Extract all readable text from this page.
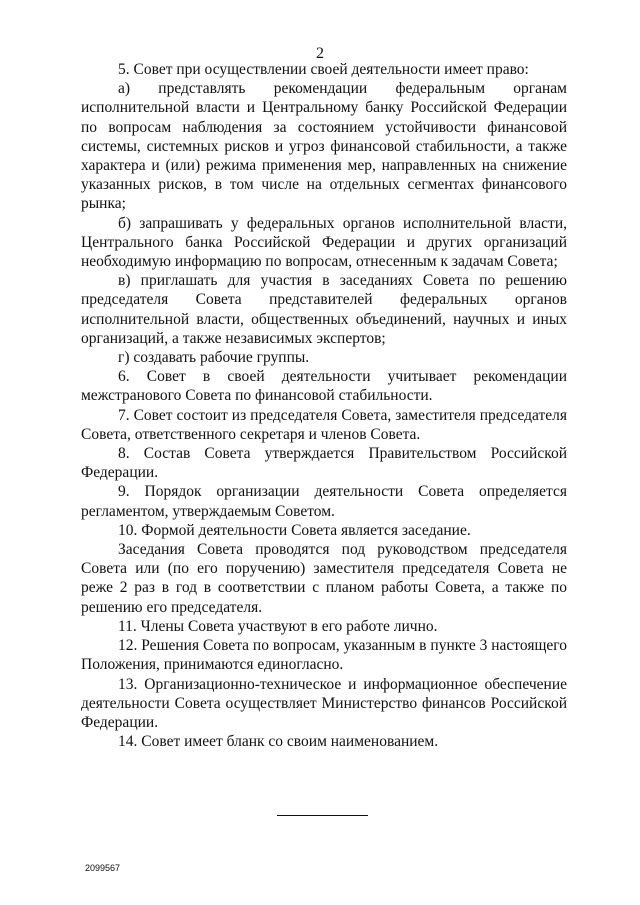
2

5. Совет при осуществлении своей деятельности имеет право:

а) представлять рекомендации федеральным органам исполнительной власти и Центральному банку Российской Федерации по вопросам наблюдения за состоянием устойчивости финансовой системы, системных рисков и угроз финансовой стабильности, а также характера и (или) режима применения мер, направленных на снижение указанных рисков, в том числе на отдельных сегментах финансового рынка;

б) запрашивать у федеральных органов исполнительной власти, Центрального банка Российской Федерации и других организаций необходимую информацию по вопросам, отнесенным к задачам Совета;

в) приглашать для участия в заседаниях Совета по решению председателя Совета представителей федеральных органов исполнительной власти, общественных объединений, научных и иных организаций, а также независимых экспертов;

г) создавать рабочие группы.

6. Совет в своей деятельности учитывает рекомендации межстранового Совета по финансовой стабильности.

7. Совет состоит из председателя Совета, заместителя председателя Совета, ответственного секретаря и членов Совета.

8. Состав Совета утверждается Правительством Российской Федерации.

9. Порядок организации деятельности Совета определяется регламентом, утверждаемым Советом.

10. Формой деятельности Совета является заседание.

Заседания Совета проводятся под руководством председателя Совета или (по его поручению) заместителя председателя Совета не реже 2 раз в год в соответствии с планом работы Совета, а также по решению его председателя.

11. Члены Совета участвуют в его работе лично.

12. Решения Совета по вопросам, указанным в пункте 3 настоящего Положения, принимаются единогласно.

13. Организационно-техническое и информационное обеспечение деятельности Совета осуществляет Министерство финансов Российской Федерации.

14. Совет имеет бланк со своим наименованием.

2099567
